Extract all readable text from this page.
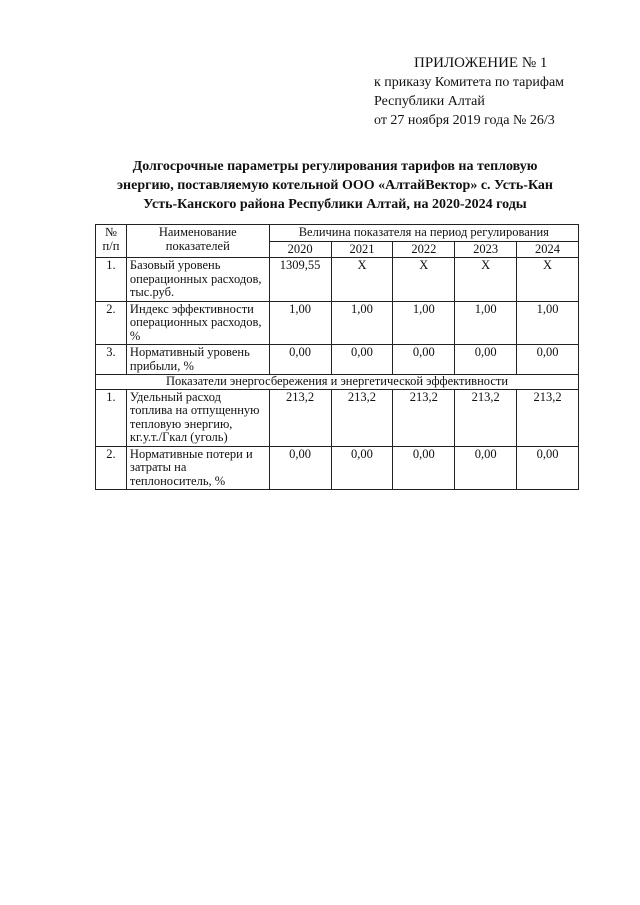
ПРИЛОЖЕНИЕ № 1
к приказу Комитета по тарифам
Республики Алтай
от 27 ноября 2019 года № 26/3
Долгосрочные параметры регулирования тарифов на тепловую
энергию, поставляемую котельной ООО «АлтайВектор» с. Усть-Кан
Усть-Канского района Республики Алтай, на 2020-2024 годы
№ п/п	Наименование показателей	Величина показателя на период регулирования				
		2020	2021	2022	2023	2024
1.	Базовый уровень операционных расходов, тыс.руб.	1309,55	Х	Х	Х	Х
2.	Индекс эффективности операционных расходов, %	1,00	1,00	1,00	1,00	1,00
3.	Нормативный уровень прибыли, %	0,00	0,00	0,00	0,00	0,00
Показатели энергосбережения и энергетической эффективности						
1.	Удельный расход топлива на отпущенную тепловую энергию, кг.у.т./Гкал (уголь)	213,2	213,2	213,2	213,2	213,2
2.	Нормативные потери и затраты на теплоноситель, %	0,00	0,00	0,00	0,00	0,00
